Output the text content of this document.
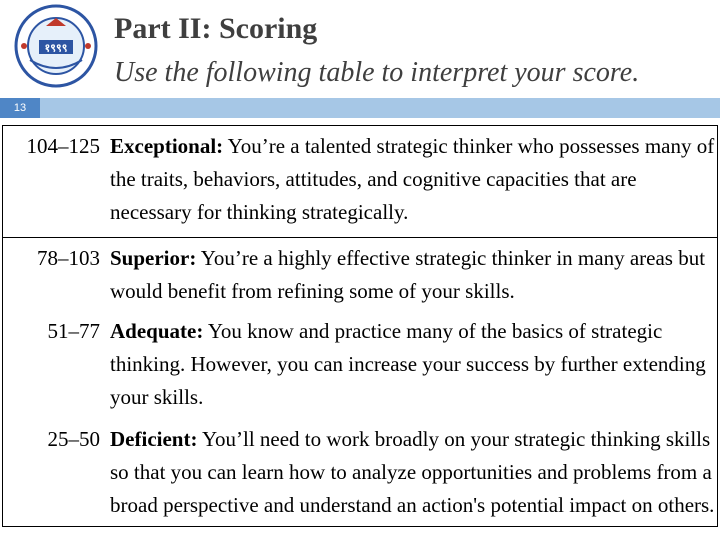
१९९९
Part II: Scoring
Use the following table to interpret your score.
13
104–125	Exceptional: You’re a talented strategic thinker who possesses many of the traits, behaviors, attitudes, and cognitive capacities that are necessary for thinking strategically.
78–103	Superior: You’re a highly effective strategic thinker in many areas but would benefit from refining some of your skills.
51–77	Adequate: You know and practice many of the basics of strategic thinking. However, you can increase your success by further extending your skills.
25–50	Deficient: You’ll need to work broadly on your strategic thinking skills so that you can learn how to analyze opportunities and problems from a broad perspective and understand an action's potential impact on others.
